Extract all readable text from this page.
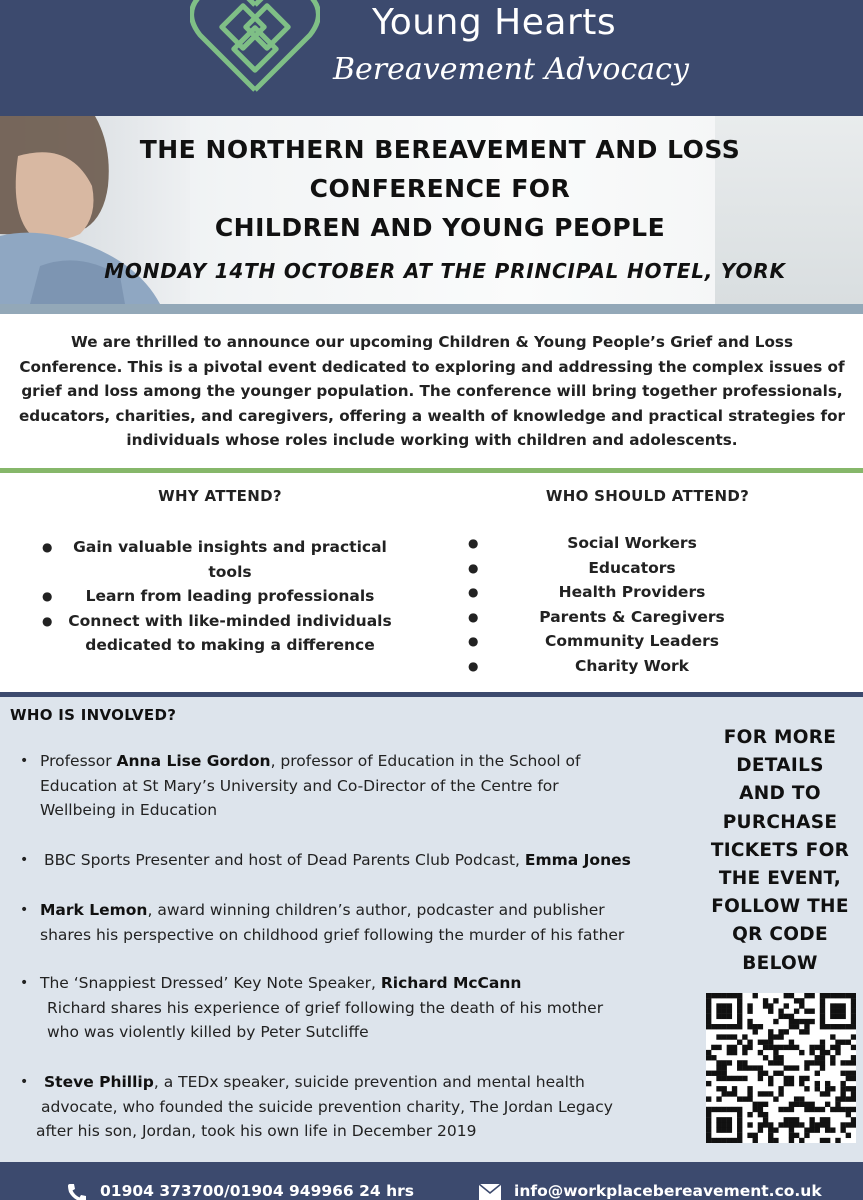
Young Hearts
Bereavement Advocacy
THE NORTHERN BEREAVEMENT AND LOSS
CONFERENCE FOR
CHILDREN AND YOUNG PEOPLE
MONDAY 14TH OCTOBER AT THE PRINCIPAL HOTEL, YORK
We are thrilled to announce our upcoming Children & Young People’s Grief and Loss
Conference. This is a pivotal event dedicated to exploring and addressing the complex issues of
grief and loss among the younger population. The conference will bring together professionals,
educators, charities, and caregivers, offering a wealth of knowledge and practical strategies for
individuals whose roles include working with children and adolescents.
WHY ATTEND?
●	Gain valuable insights and practical
tools
●	Learn from leading professionals
●	Connect with like-minded individuals
dedicated to making a difference
WHO SHOULD ATTEND?
●	Social Workers
●	Educators
●	Health Providers
●	Parents & Caregivers
●	Community Leaders
●	Charity Work
WHO IS INVOLVED?
• Professor Anna Lise Gordon, professor of Education in the School of
Education at St Mary’s University and Co-Director of the Centre for
Wellbeing in Education
• BBC Sports Presenter and host of Dead Parents Club Podcast, Emma Jones
• Mark Lemon, award winning children’s author, podcaster and publisher
shares his perspective on childhood grief following the murder of his father
• The ‘Snappiest Dressed’ Key Note Speaker, Richard McCann
Richard shares his experience of grief following the death of his mother
who was violently killed by Peter Sutcliffe
• Steve Phillip, a TEDx speaker, suicide prevention and mental health
advocate, who founded the suicide prevention charity, The Jordan Legacy
after his son, Jordan, took his own life in December 2019
FOR MORE
DETAILS
AND TO
PURCHASE
TICKETS FOR
THE EVENT,
FOLLOW THE
QR CODE
BELOW
01904 373700/01904 949966 24 hrs	info@workplacebereavement.co.uk
